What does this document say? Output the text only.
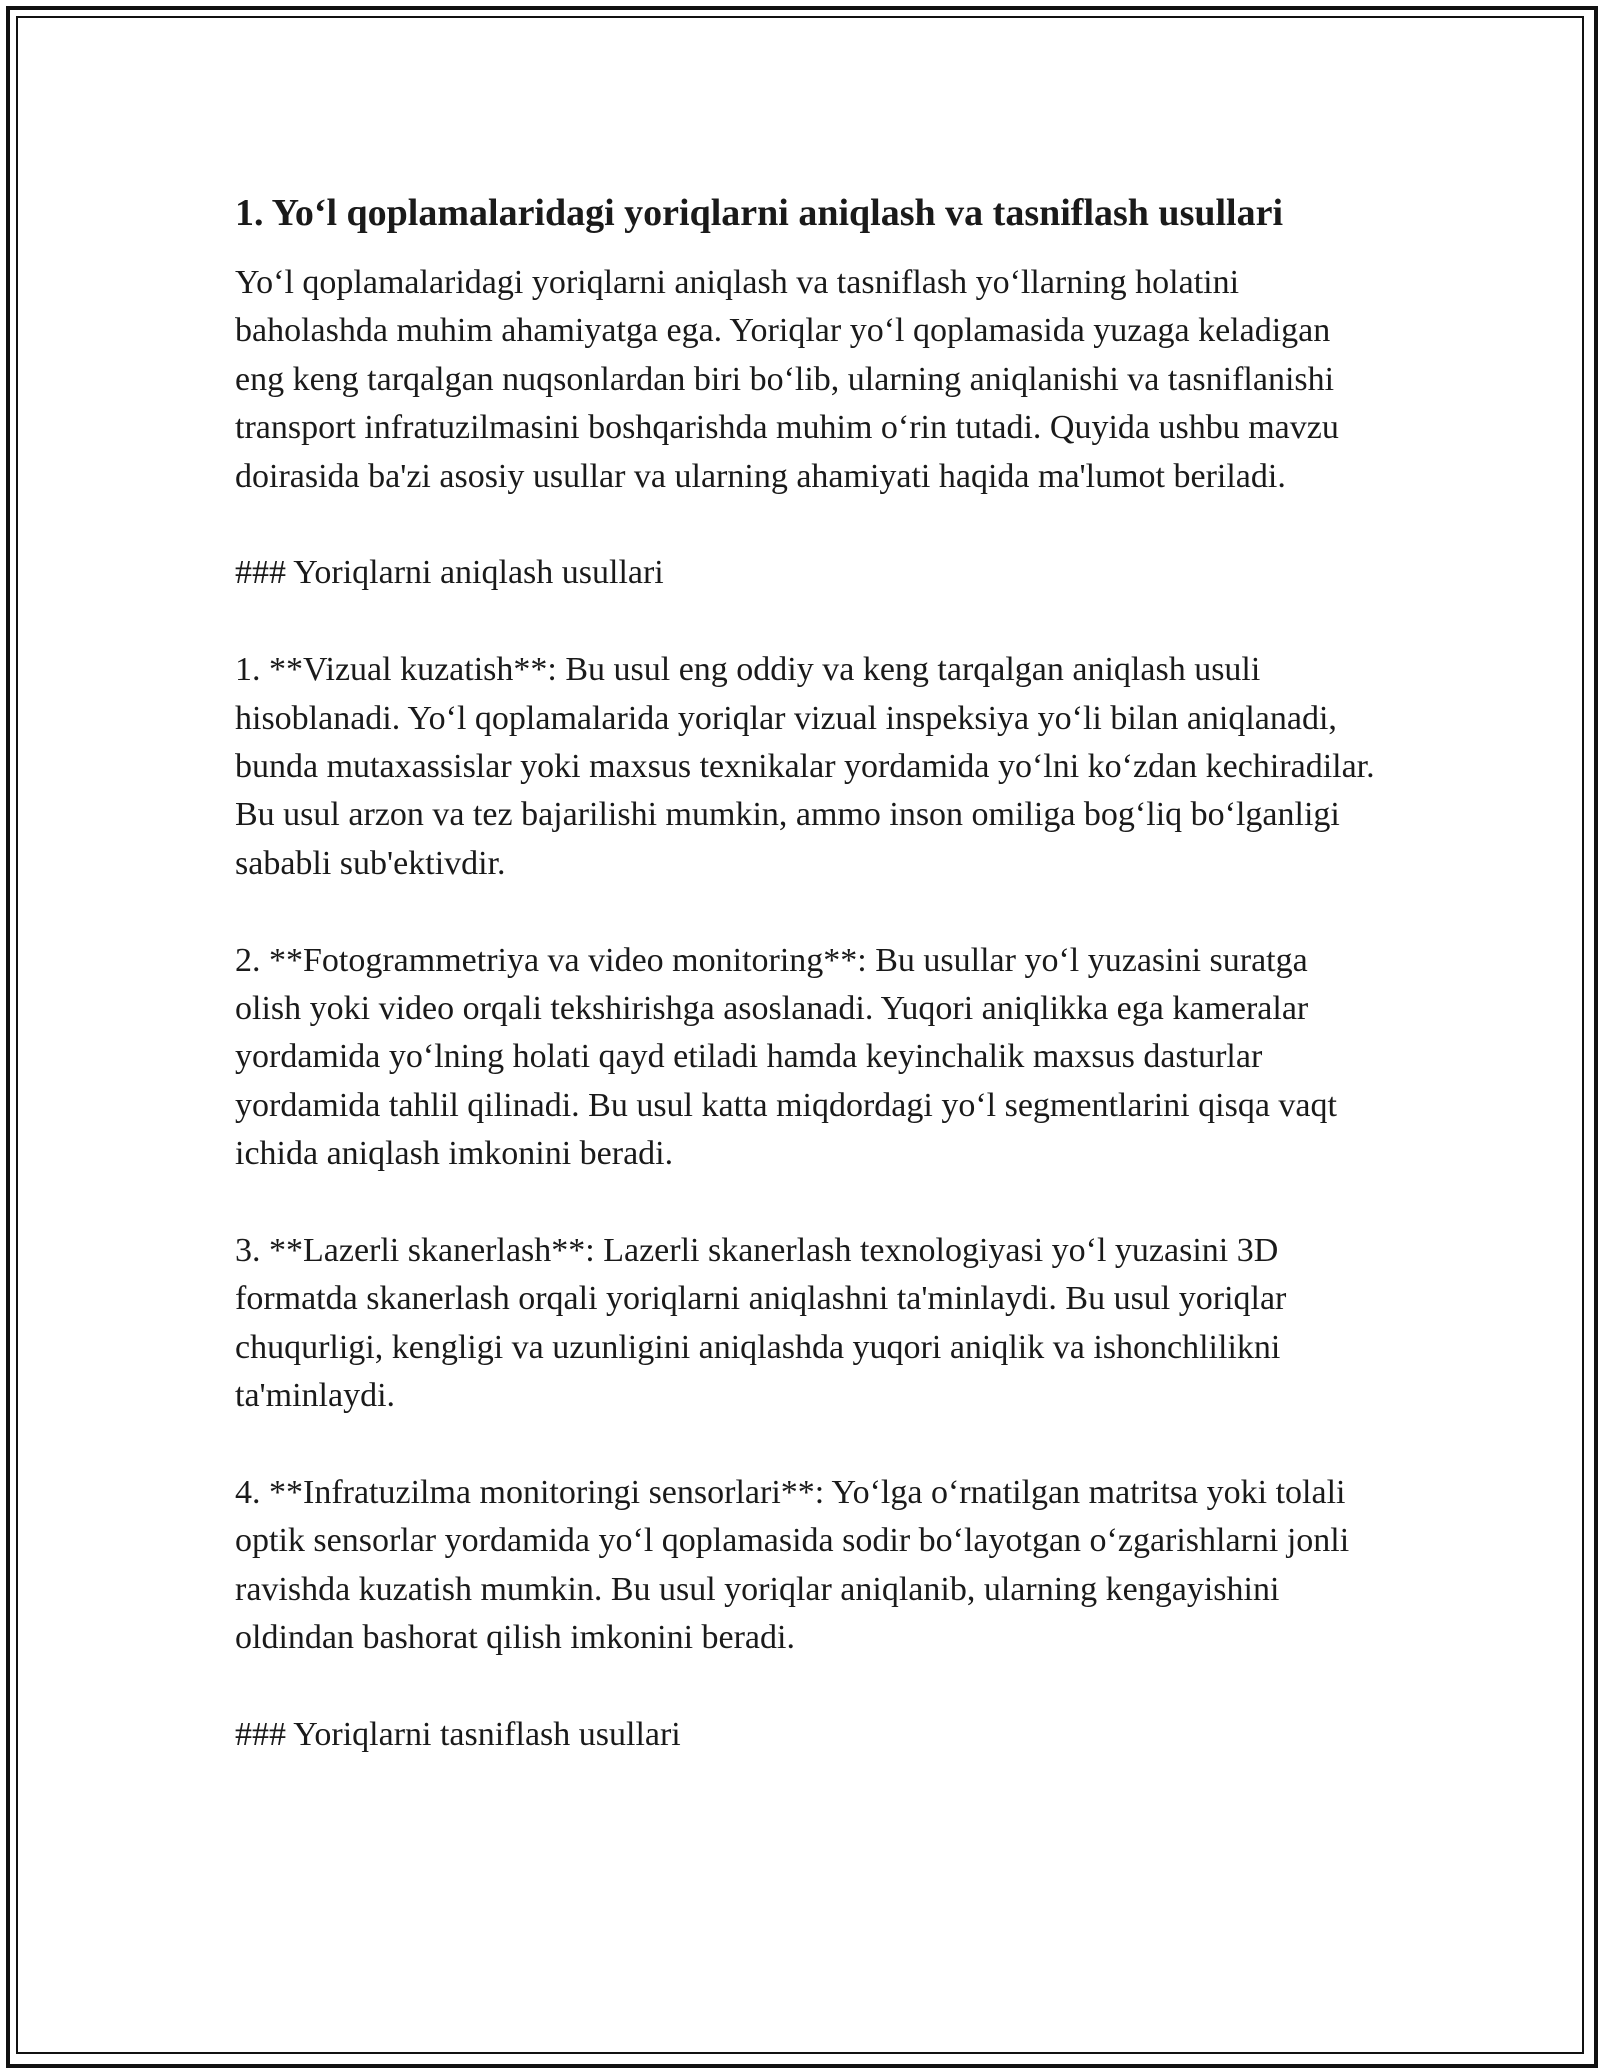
1. Yo‘l qoplamalaridagi yoriqlarni aniqlash va tasniflash usullari

Yo‘l qoplamalaridagi yoriqlarni aniqlash va tasniflash yo‘llarning holatini baholashda muhim ahamiyatga ega. Yoriqlar yo‘l qoplamasida yuzaga keladigan eng keng tarqalgan nuqsonlardan biri bo‘lib, ularning aniqlanishi va tasniflanishi transport infratuzilmasini boshqarishda muhim o‘rin tutadi. Quyida ushbu mavzu doirasida ba'zi asosiy usullar va ularning ahamiyati haqida ma'lumot beriladi.

### Yoriqlarni aniqlash usullari

1. **Vizual kuzatish**: Bu usul eng oddiy va keng tarqalgan aniqlash usuli hisoblanadi. Yo‘l qoplamalarida yoriqlar vizual inspeksiya yo‘li bilan aniqlanadi, bunda mutaxassislar yoki maxsus texnikalar yordamida yo‘lni ko‘zdan kechiradilar. Bu usul arzon va tez bajarilishi mumkin, ammo inson omiliga bog‘liq bo‘lganligi sababli sub'ektivdir.

2. **Fotogrammetriya va video monitoring**: Bu usullar yo‘l yuzasini suratga olish yoki video orqali tekshirishga asoslanadi. Yuqori aniqlikka ega kameralar yordamida yo‘lning holati qayd etiladi hamda keyinchalik maxsus dasturlar yordamida tahlil qilinadi. Bu usul katta miqdordagi yo‘l segmentlarini qisqa vaqt ichida aniqlash imkonini beradi.

3. **Lazerli skanerlash**: Lazerli skanerlash texnologiyasi yo‘l yuzasini 3D formatda skanerlash orqali yoriqlarni aniqlashni ta'minlaydi. Bu usul yoriqlar chuqurligi, kengligi va uzunligini aniqlashda yuqori aniqlik va ishonchlilikni ta'minlaydi.

4. **Infratuzilma monitoringi sensorlari**: Yo‘lga o‘rnatilgan matritsa yoki tolali optik sensorlar yordamida yo‘l qoplamasida sodir bo‘layotgan o‘zgarishlarni jonli ravishda kuzatish mumkin. Bu usul yoriqlar aniqlanib, ularning kengayishini oldindan bashorat qilish imkonini beradi.

### Yoriqlarni tasniflash usullari
